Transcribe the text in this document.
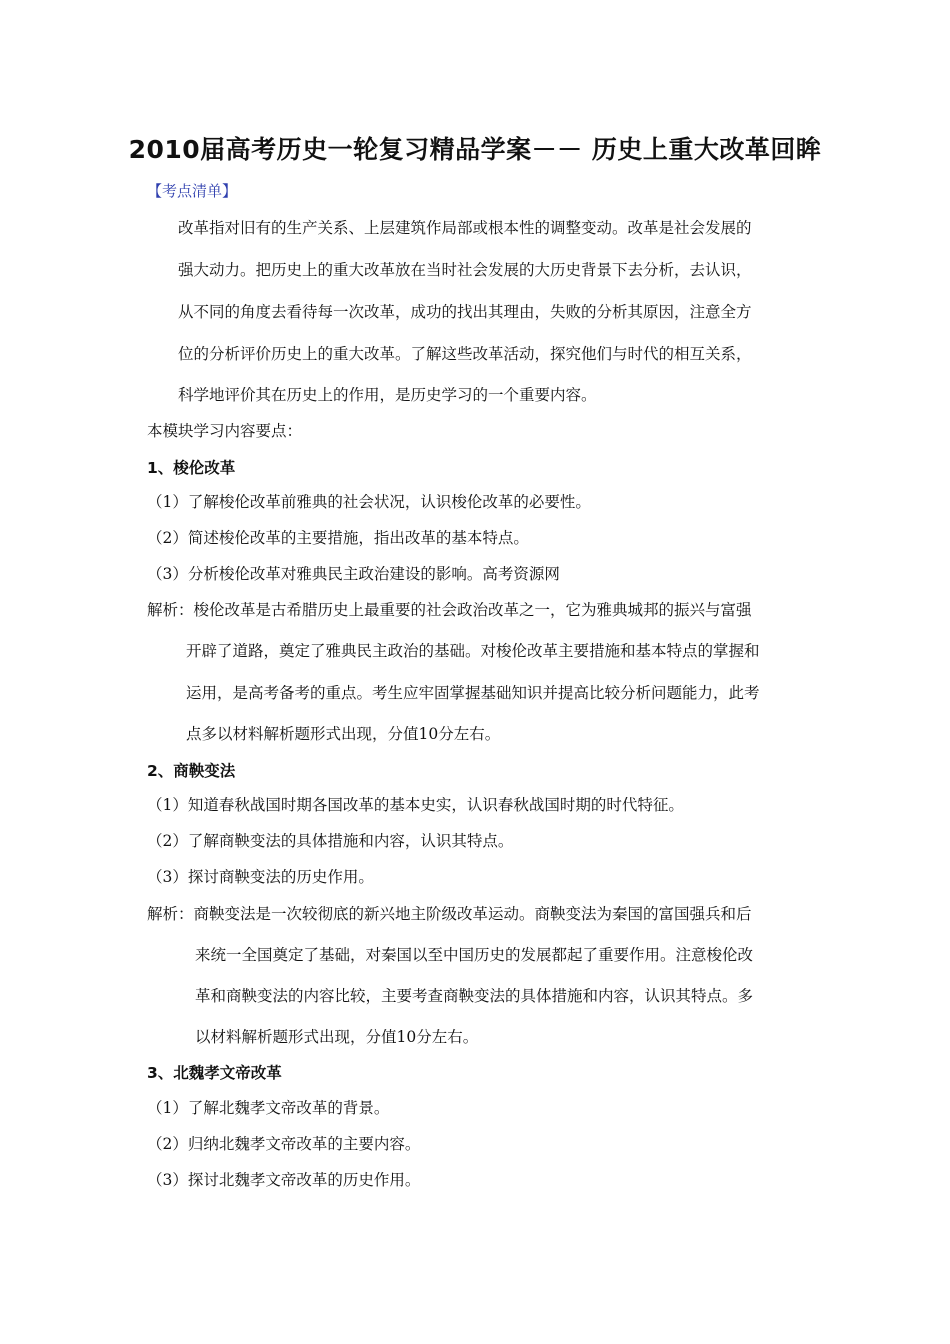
2010届高考历史一轮复习精品学案－－ 历史上重大改革回眸
【考点清单】
改革指对旧有的生产关系、上层建筑作局部或根本性的调整变动。改革是社会发展的
强大动力。把历史上的重大改革放在当时社会发展的大历史背景下去分析，去认识，
从不同的角度去看待每一次改革，成功的找出其理由，失败的分析其原因，注意全方
位的分析评价历史上的重大改革。了解这些改革活动，探究他们与时代的相互关系，
科学地评价其在历史上的作用，是历史学习的一个重要内容。
本模块学习内容要点：
1、梭伦改革
（1）了解梭伦改革前雅典的社会状况，认识梭伦改革的必要性。
（2）简述梭伦改革的主要措施，指出改革的基本特点。
（3）分析梭伦改革对雅典民主政治建设的影响。高考资源网
解析：梭伦改革是古希腊历史上最重要的社会政治改革之一，它为雅典城邦的振兴与富强
开辟了道路，奠定了雅典民主政治的基础。对梭伦改革主要措施和基本特点的掌握和
运用，是高考备考的重点。考生应牢固掌握基础知识并提高比较分析问题能力，此考
点多以材料解析题形式出现，分值10分左右。
2、商鞅变法
（1）知道春秋战国时期各国改革的基本史实，认识春秋战国时期的时代特征。
（2）了解商鞅变法的具体措施和内容，认识其特点。
（3）探讨商鞅变法的历史作用。
解析：商鞅变法是一次较彻底的新兴地主阶级改革运动。商鞅变法为秦国的富国强兵和后
来统一全国奠定了基础，对秦国以至中国历史的发展都起了重要作用。注意梭伦改
革和商鞅变法的内容比较，主要考查商鞅变法的具体措施和内容，认识其特点。多
以材料解析题形式出现，分值10分左右。
3、北魏孝文帝改革
（1）了解北魏孝文帝改革的背景。
（2）归纳北魏孝文帝改革的主要内容。
（3）探讨北魏孝文帝改革的历史作用。
